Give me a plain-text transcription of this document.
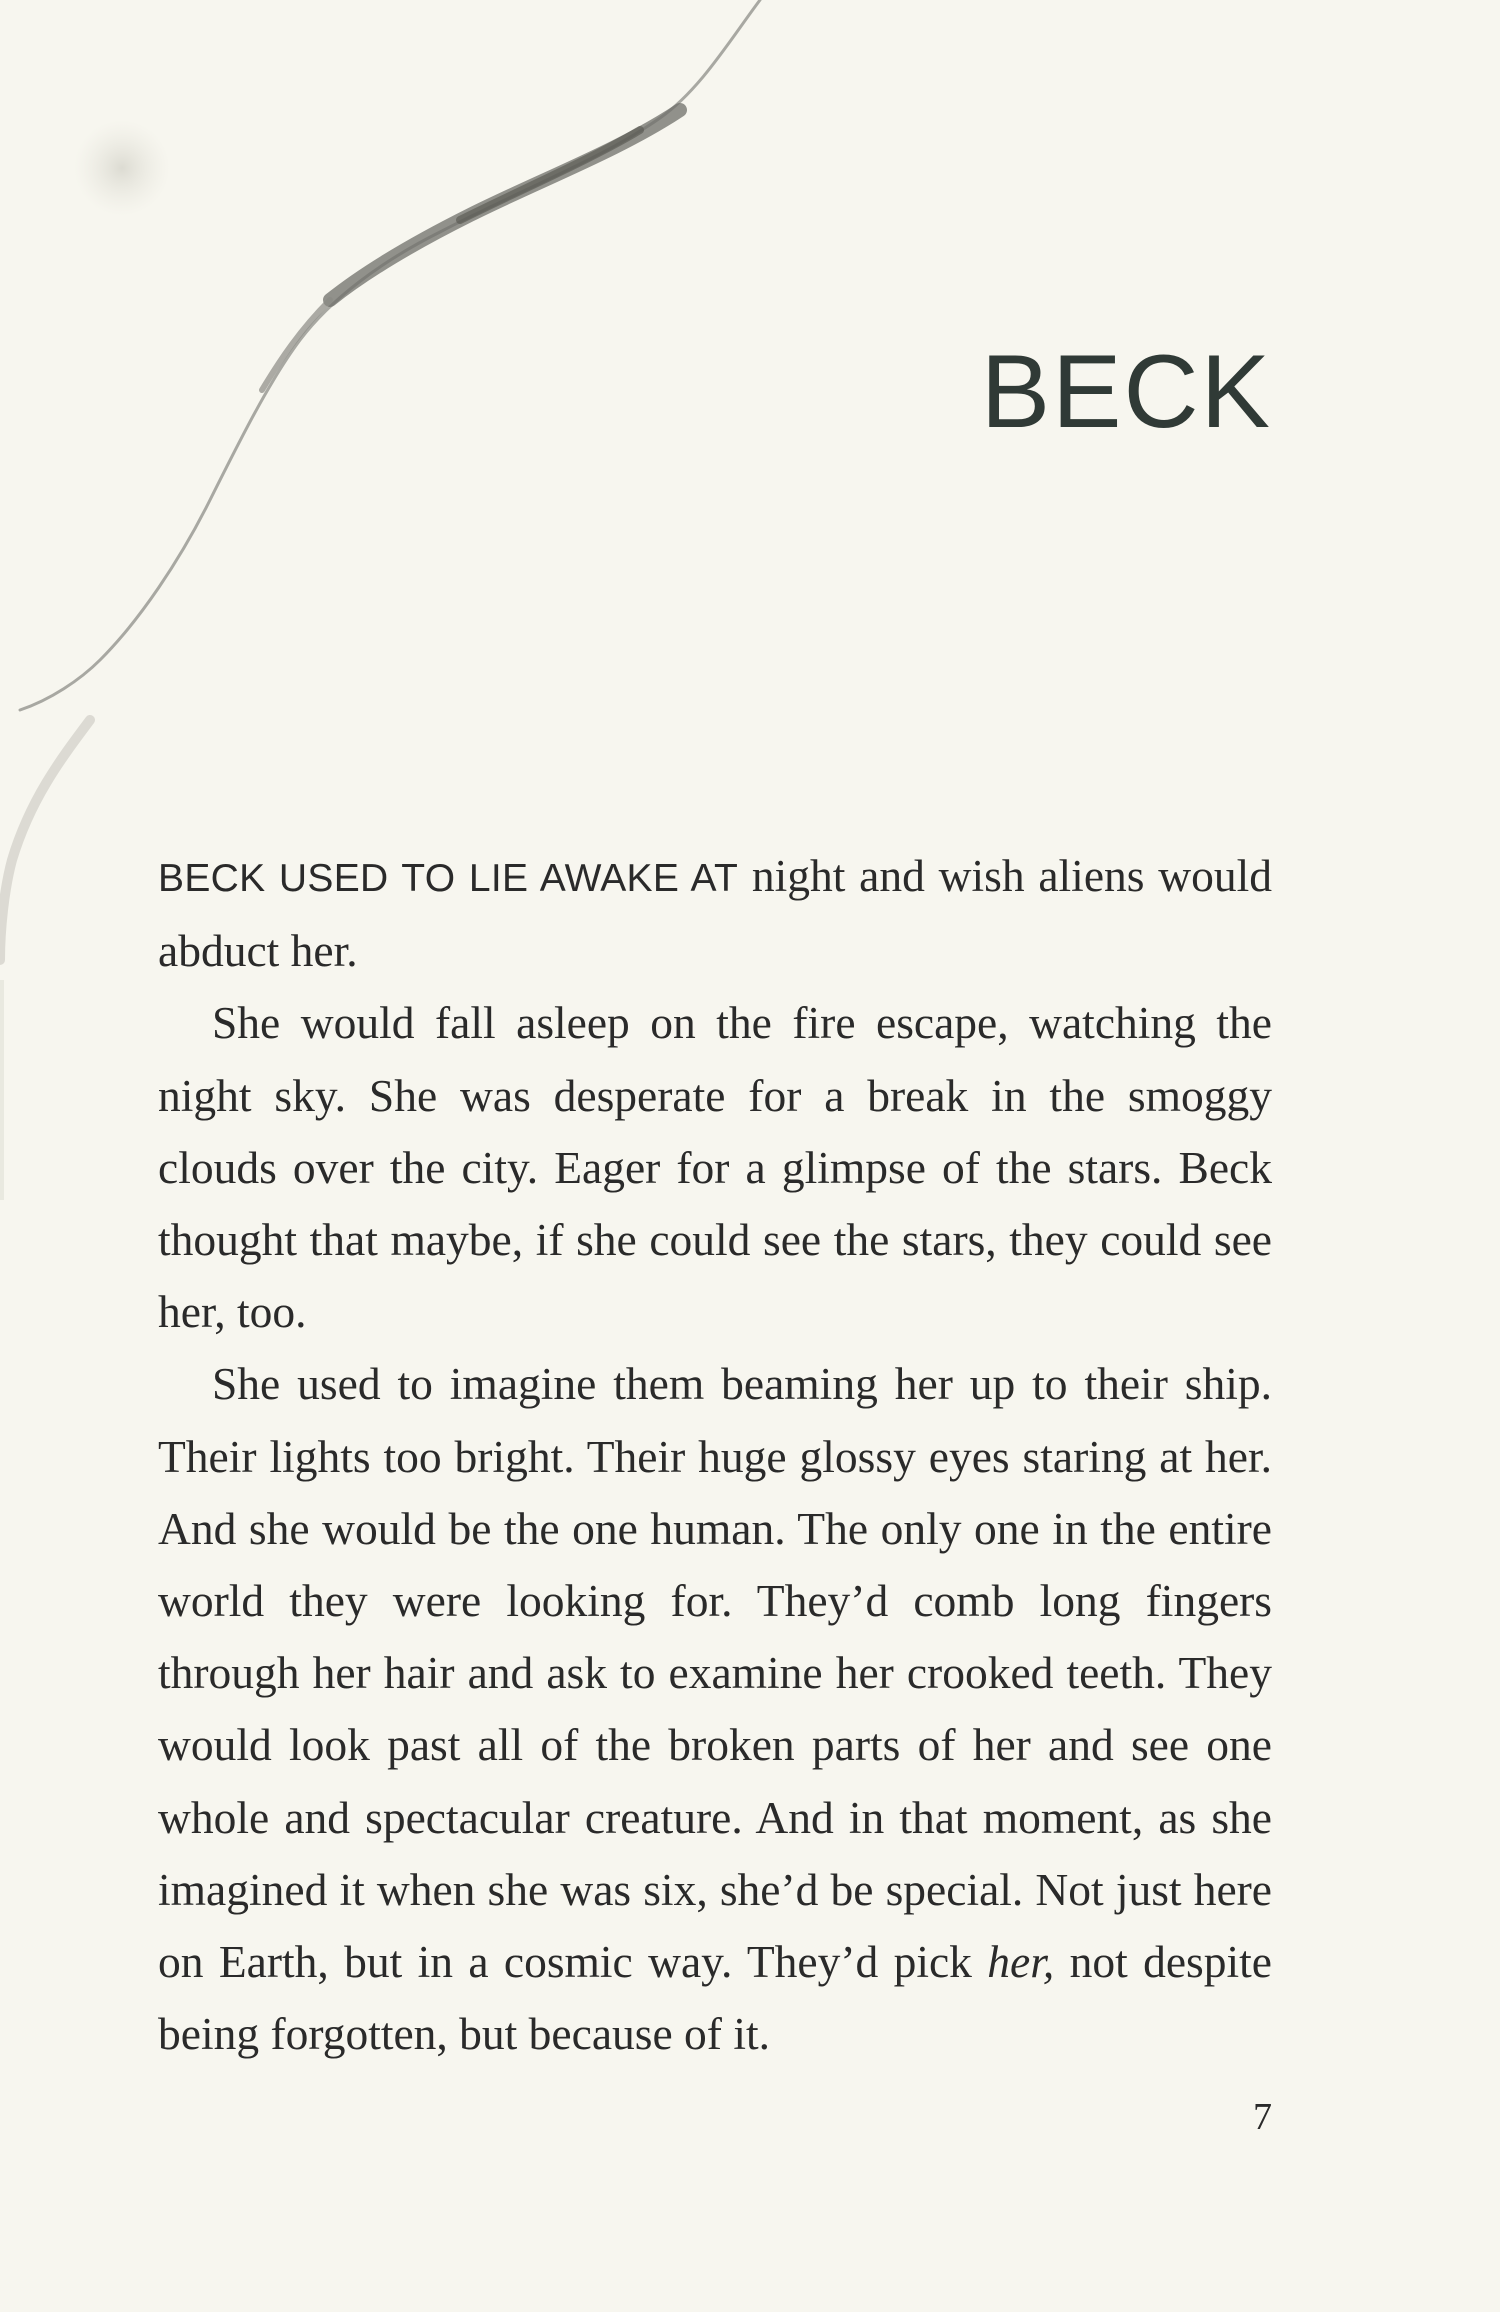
BECK

BECK USED TO LIE AWAKE AT night and wish aliens would abduct her.

She would fall asleep on the fire escape, watching the night sky. She was desperate for a break in the smoggy clouds over the city. Eager for a glimpse of the stars. Beck thought that maybe, if she could see the stars, they could see her, too.

She used to imagine them beaming her up to their ship. Their lights too bright. Their huge glossy eyes staring at her. And she would be the one human. The only one in the entire world they were looking for. They’d comb long fingers through her hair and ask to examine her crooked teeth. They would look past all of the broken parts of her and see one whole and spectacular creature. And in that moment, as she imagined it when she was six, she’d be special. Not just here on Earth, but in a cosmic way. They’d pick her, not despite being forgotten, but because of it.

7
